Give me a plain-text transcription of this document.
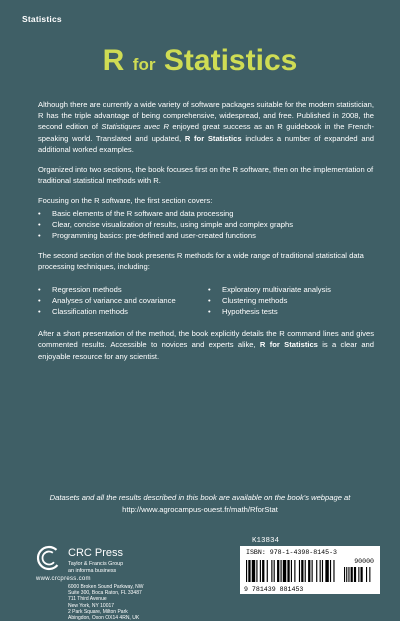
Statistics
R for Statistics

Although there are currently a wide variety of software packages suitable for the modern statistician, R has the triple advantage of being comprehensive, widespread, and free. Published in 2008, the second edition of Statistiques avec R enjoyed great success as an R guidebook in the French-speaking world. Translated and updated, R for Statistics includes a number of expanded and additional worked examples.

Organized into two sections, the book focuses first on the R software, then on the implementation of traditional statistical methods with R.

Focusing on the R software, the first section covers:

• Basic elements of the R software and data processing
• Clear, concise visualization of results, using simple and complex graphs
• Programming basics: pre-defined and user-created functions

The second section of the book presents R methods for a wide range of traditional statistical data processing techniques, including:

• Regression methods
• Analyses of variance and covariance
• Classification methods
• Exploratory multivariate analysis
• Clustering methods
• Hypothesis tests

After a short presentation of the method, the book explicitly details the R command lines and gives commented results. Accessible to novices and experts alike, R for Statistics is a clear and enjoyable resource for any scientist.

Datasets and all the results described in this book are available on the book's webpage at
http://www.agrocampus-ouest.fr/math/RforStat
CRC Press
Taylor & Francis Group
an informa business
www.crcpress.com
6000 Broken Sound Parkway, NW
Suite 300, Boca Raton, FL 33487
711 Third Avenue
New York, NY 10017
2 Park Square, Milton Park
Abingdon, Oxon OX14 4RN, UK
K13834
ISBN: 978-1-4398-8145-3
90000
9 781439 881453
